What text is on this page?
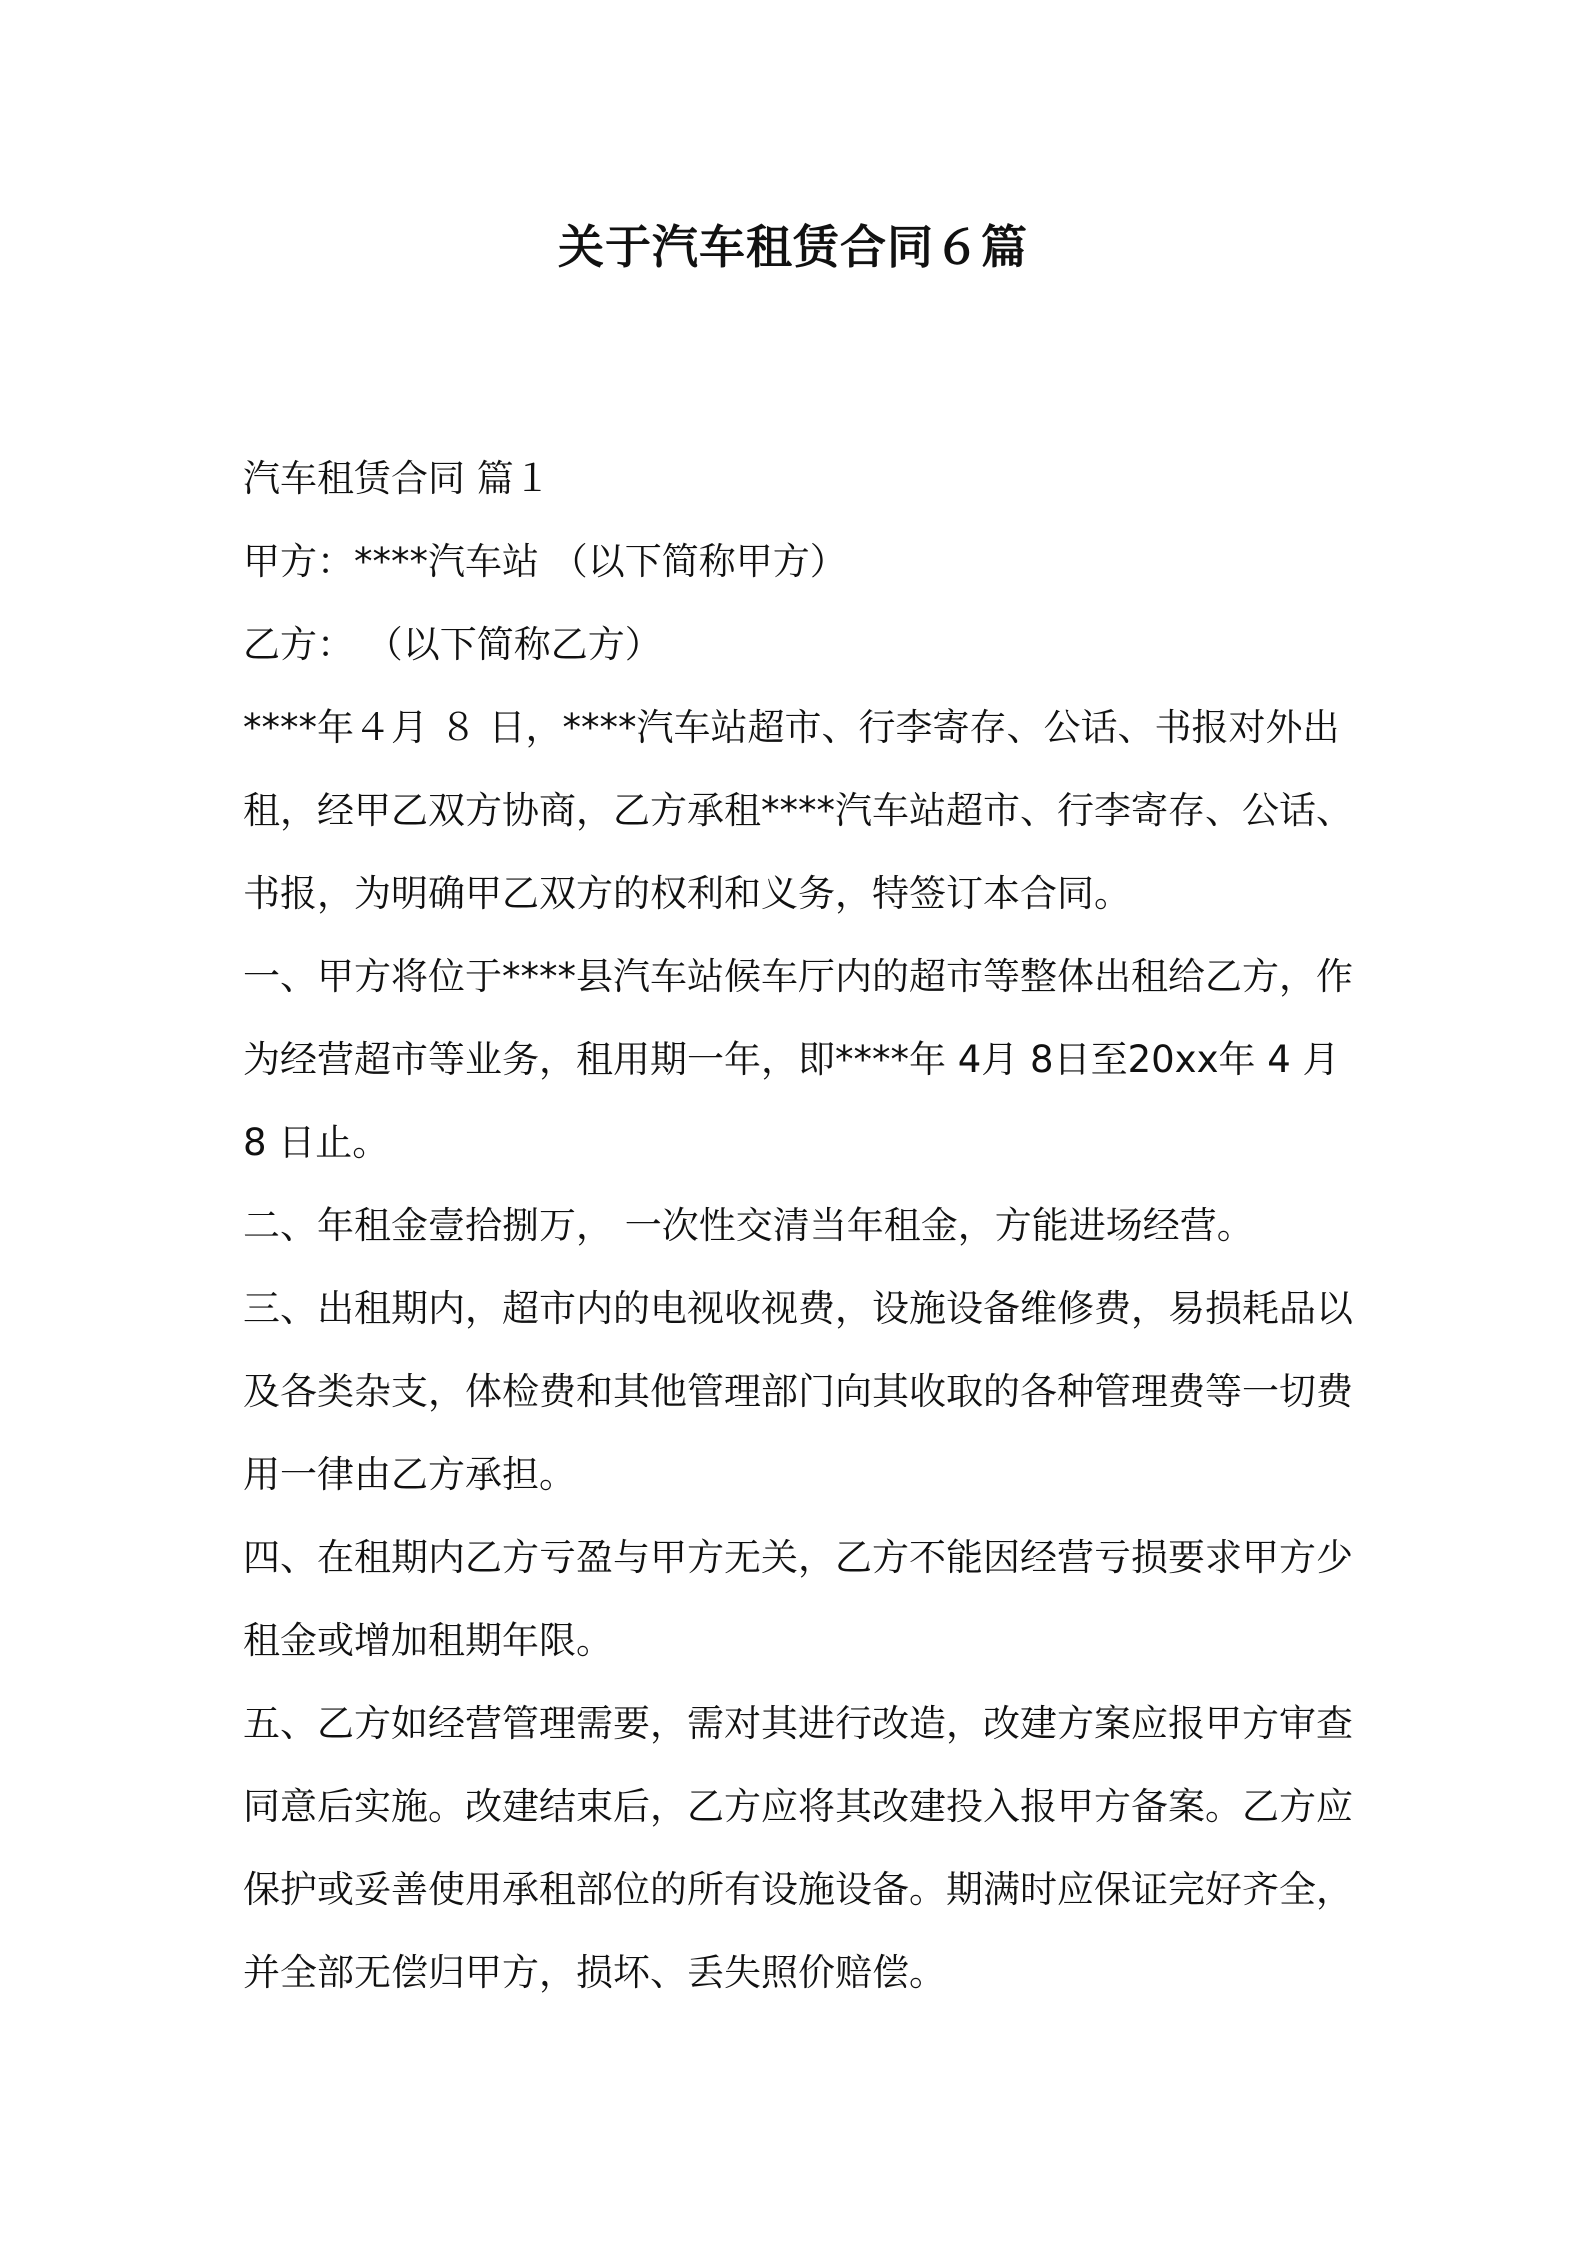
关于汽车租赁合同６篇
汽车租赁合同 篇１
甲方：****汽车站 （以下简称甲方）
乙方： （以下简称乙方）
****年４月 ８ 日，****汽车站超市、行李寄存、公话、书报对外出
租，经甲乙双方协商，乙方承租****汽车站超市、行李寄存、公话、
书报，为明确甲乙双方的权利和义务，特签订本合同。
一、甲方将位于****县汽车站候车厅内的超市等整体出租给乙方，作
为经营超市等业务，租用期一年，即****年 4月 8日至20xx年 4 月
8 日止。
二、年租金壹拾捌万， 一次性交清当年租金，方能进场经营。
三、出租期内，超市内的电视收视费，设施设备维修费，易损耗品以
及各类杂支，体检费和其他管理部门向其收取的各种管理费等一切费
用一律由乙方承担。
四、在租期内乙方亏盈与甲方无关，乙方不能因经营亏损要求甲方少
租金或增加租期年限。
五、乙方如经营管理需要，需对其进行改造，改建方案应报甲方审查
同意后实施。改建结束后，乙方应将其改建投入报甲方备案。乙方应
保护或妥善使用承租部位的所有设施设备。期满时应保证完好齐全，
并全部无偿归甲方，损坏、丢失照价赔偿。
